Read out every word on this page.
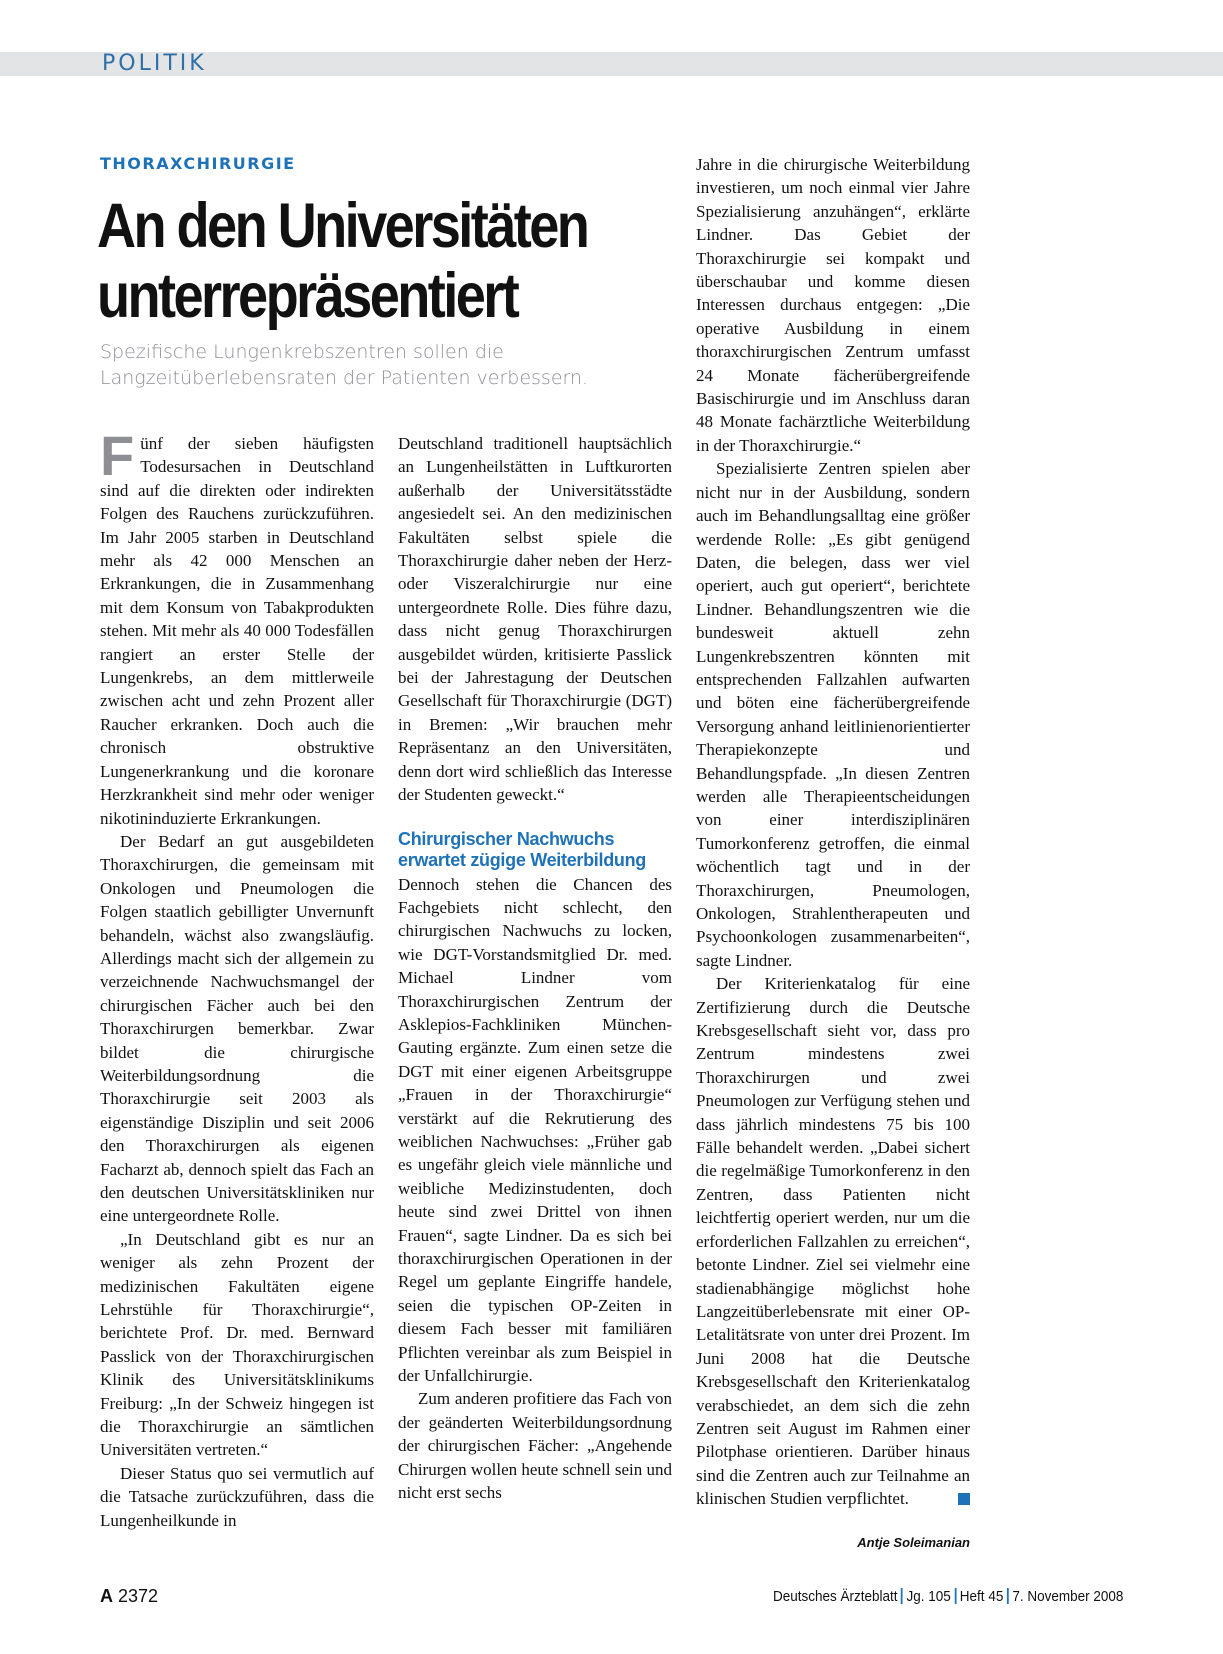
POLITIK
THORAXCHIRURGIE
An den Universitäten
unterrepräsentiert
Spezifische Lungenkrebszentren sollen die Langzeitüberlebensraten der Patienten verbessern.

Fünf der sieben häufigsten Todesursachen in Deutschland sind auf die direkten oder indirekten Folgen des Rauchens zurückzuführen. Im Jahr 2005 starben in Deutschland mehr als 42 000 Menschen an Erkrankungen, die in Zusammenhang mit dem Konsum von Tabakprodukten stehen. Mit mehr als 40 000 Todesfällen rangiert an erster Stelle der Lungenkrebs, an dem mittlerweile zwischen acht und zehn Prozent aller Raucher erkranken. Doch auch die chronisch obstruktive Lungenerkrankung und die koronare Herzkrankheit sind mehr oder weniger nikotininduzierte Erkrankungen.

Der Bedarf an gut ausgebildeten Thoraxchirurgen, die gemeinsam mit Onkologen und Pneumologen die Folgen staatlich gebilligter Unvernunft behandeln, wächst also zwangsläufig. Allerdings macht sich der allgemein zu verzeichnende Nachwuchsmangel der chirurgischen Fächer auch bei den Thoraxchirurgen bemerkbar. Zwar bildet die chirurgische Weiterbildungsordnung die Thoraxchirurgie seit 2003 als eigenständige Disziplin und seit 2006 den Thoraxchirurgen als eigenen Facharzt ab, dennoch spielt das Fach an den deutschen Universitätskliniken nur eine untergeordnete Rolle.

„In Deutschland gibt es nur an weniger als zehn Prozent der medizinischen Fakultäten eigene Lehrstühle für Thoraxchirurgie“, berichtete Prof. Dr. med. Bernward Passlick von der Thoraxchirurgischen Klinik des Universitätsklinikums Freiburg: „In der Schweiz hingegen ist die Thoraxchirurgie an sämtlichen Universitäten vertreten.“

Dieser Status quo sei vermutlich auf die Tatsache zurückzuführen, dass die Lungenheilkunde in

Deutschland traditionell hauptsächlich an Lungenheilstätten in Luftkurorten außerhalb der Universitätsstädte angesiedelt sei. An den medizinischen Fakultäten selbst spiele die Thoraxchirurgie daher neben der Herz- oder Viszeralchirurgie nur eine untergeordnete Rolle. Dies führe dazu, dass nicht genug Thoraxchirurgen ausgebildet würden, kritisierte Passlick bei der Jahrestagung der Deutschen Gesellschaft für Thoraxchirurgie (DGT) in Bremen: „Wir brauchen mehr Repräsentanz an den Universitäten, denn dort wird schließlich das Interesse der Studenten geweckt.“

Chirurgischer Nachwuchs
erwartet zügige Weiterbildung

Dennoch stehen die Chancen des Fachgebiets nicht schlecht, den chirurgischen Nachwuchs zu locken, wie DGT-Vorstandsmitglied Dr. med. Michael Lindner vom Thoraxchirurgischen Zentrum der Asklepios-Fachkliniken München-Gauting ergänzte. Zum einen setze die DGT mit einer eigenen Arbeitsgruppe „Frauen in der Thoraxchirurgie“ verstärkt auf die Rekrutierung des weiblichen Nachwuchses: „Früher gab es ungefähr gleich viele männliche und weibliche Medizinstudenten, doch heute sind zwei Drittel von ihnen Frauen“, sagte Lindner. Da es sich bei thoraxchirurgischen Operationen in der Regel um geplante Eingriffe handele, seien die typischen OP-Zeiten in diesem Fach besser mit familiären Pflichten vereinbar als zum Beispiel in der Unfallchirurgie.

Zum anderen profitiere das Fach von der geänderten Weiterbildungsordnung der chirurgischen Fächer: „Angehende Chirurgen wollen heute schnell sein und nicht erst sechs

Jahre in die chirurgische Weiterbildung investieren, um noch einmal vier Jahre Spezialisierung anzuhängen“, erklärte Lindner. Das Gebiet der Thoraxchirurgie sei kompakt und überschaubar und komme diesen Interessen durchaus entgegen: „Die operative Ausbildung in einem thoraxchirurgischen Zentrum umfasst 24 Monate fächerübergreifende Basischirurgie und im Anschluss daran 48 Monate fachärztliche Weiterbildung in der Thoraxchirurgie.“

Spezialisierte Zentren spielen aber nicht nur in der Ausbildung, sondern auch im Behandlungsalltag eine größer werdende Rolle: „Es gibt genügend Daten, die belegen, dass wer viel operiert, auch gut operiert“, berichtete Lindner. Behandlungszentren wie die bundesweit aktuell zehn Lungenkrebszentren könnten mit entsprechenden Fallzahlen aufwarten und böten eine fächerübergreifende Versorgung anhand leitlinienorientierter Therapiekonzepte und Behandlungspfade. „In diesen Zentren werden alle Therapieentscheidungen von einer interdisziplinären Tumorkonferenz getroffen, die einmal wöchentlich tagt und in der Thoraxchirurgen, Pneumologen, Onkologen, Strahlentherapeuten und Psychoonkologen zusammenarbeiten“, sagte Lindner.

Der Kriterienkatalog für eine Zertifizierung durch die Deutsche Krebsgesellschaft sieht vor, dass pro Zentrum mindestens zwei Thoraxchirurgen und zwei Pneumologen zur Verfügung stehen und dass jährlich mindestens 75 bis 100 Fälle behandelt werden. „Dabei sichert die regelmäßige Tumorkonferenz in den Zentren, dass Patienten nicht leichtfertig operiert werden, nur um die erforderlichen Fallzahlen zu erreichen“, betonte Lindner. Ziel sei vielmehr eine stadienabhängige möglichst hohe Langzeitüberlebensrate mit einer OP-Letalitätsrate von unter drei Prozent. Im Juni 2008 hat die Deutsche Krebsgesellschaft den Kriterienkatalog verabschiedet, an dem sich die zehn Zentren seit August im Rahmen einer Pilotphase orientieren. Darüber hinaus sind die Zentren auch zur Teilnahme an klinischen Studien verpflichtet.

Antje Soleimanian
A 2372	Deutsches Ärzteblatt Jg. 105 Heft 45 7. November 2008
